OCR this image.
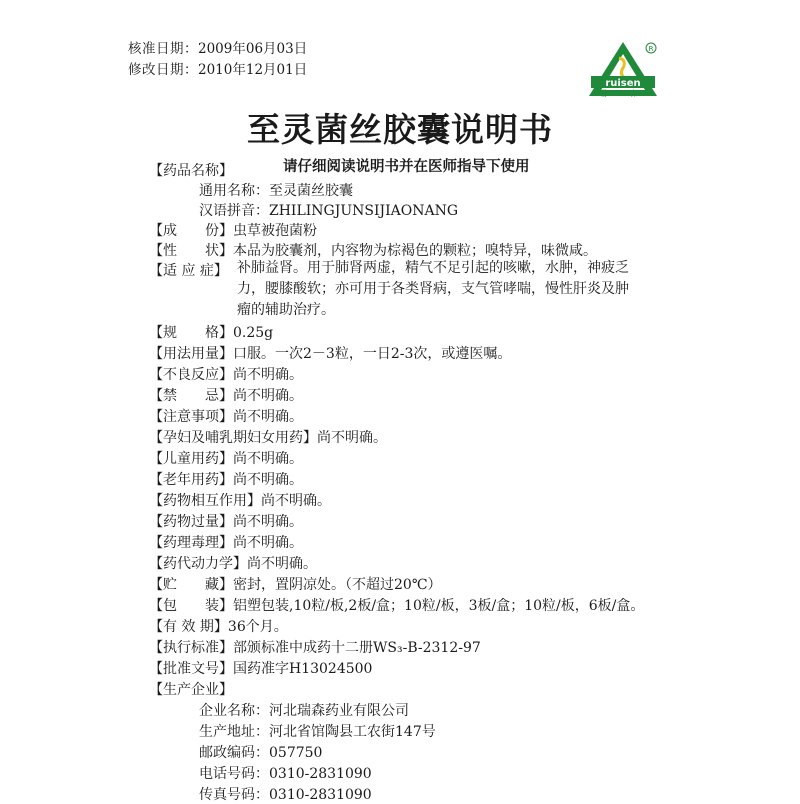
核准日期：2009年06月03日
修改日期：2010年12月01日
R
ruisen
瑞 森
至灵菌丝胶囊说明书
请仔细阅读说明书并在医师指导下使用
【药品名称】
通用名称：至灵菌丝胶囊
汉语拼音：ZHILINGJUNSIJIAONANG
【成　　份】虫草被孢菌粉
【性　　状】本品为胶囊剂，内容物为棕褐色的颗粒；嗅特异，味微咸。
【适 应 症】 补肺益肾。用于肺肾两虚，精气不足引起的咳嗽，水肿，神疲乏
力，腰膝酸软；亦可用于各类肾病，支气管哮喘，慢性肝炎及肿
瘤的辅助治疗。
【规　　格】0.25g
【用法用量】口服。一次2－3粒，一日2-3次，或遵医嘱。
【不良反应】尚不明确。
【禁　　忌】尚不明确。
【注意事项】尚不明确。
【孕妇及哺乳期妇女用药】尚不明确。
【儿童用药】尚不明确。
【老年用药】尚不明确。
【药物相互作用】尚不明确。
【药物过量】尚不明确。
【药理毒理】尚不明确。
【药代动力学】尚不明确。
【贮　　藏】密封，置阴凉处。（不超过20℃）
【包　　装】铝塑包装,10粒/板,2板/盒；10粒/板，3板/盒；10粒/板，6板/盒。
【有 效 期】36个月。
【执行标准】部颁标准中成药十二册WS₃-B-2312-97
【批准文号】国药准字H13024500
【生产企业】
企业名称：河北瑞森药业有限公司
生产地址：河北省馆陶县工农街147号
邮政编码：057750
电话号码：0310-2831090
传真号码：0310-2831090
